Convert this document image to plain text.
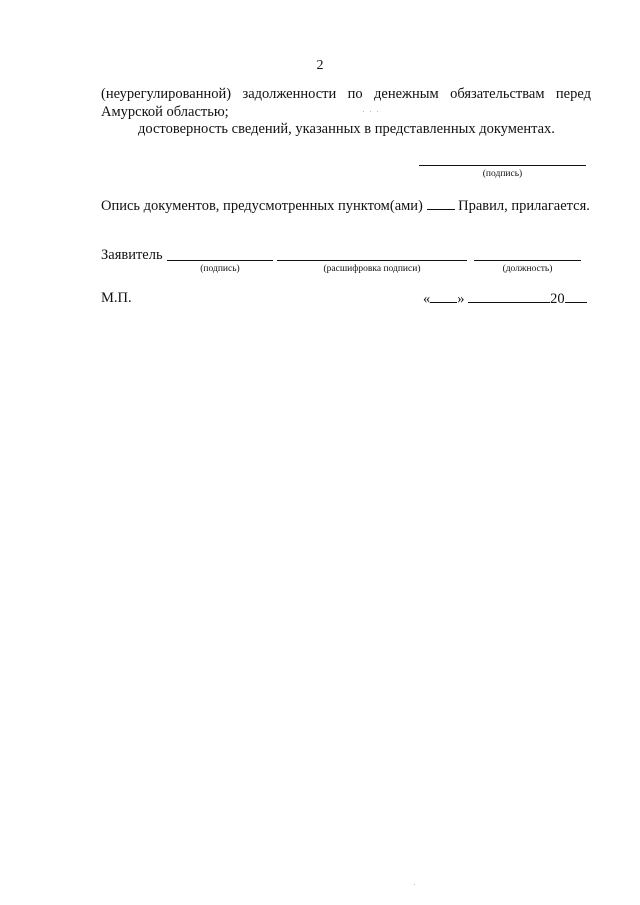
2
(неурегулированной) задолженности по денежным обязательствам перед
Амурской областью;
достоверность сведений, указанных в представленных документах.
(подпись)
Опись документов, предусмотренных пунктом(ами) Правил, прилагается.
Заявитель
(подпись)	(расшифровка подписи)	(должность)
М.П.	« »	20
